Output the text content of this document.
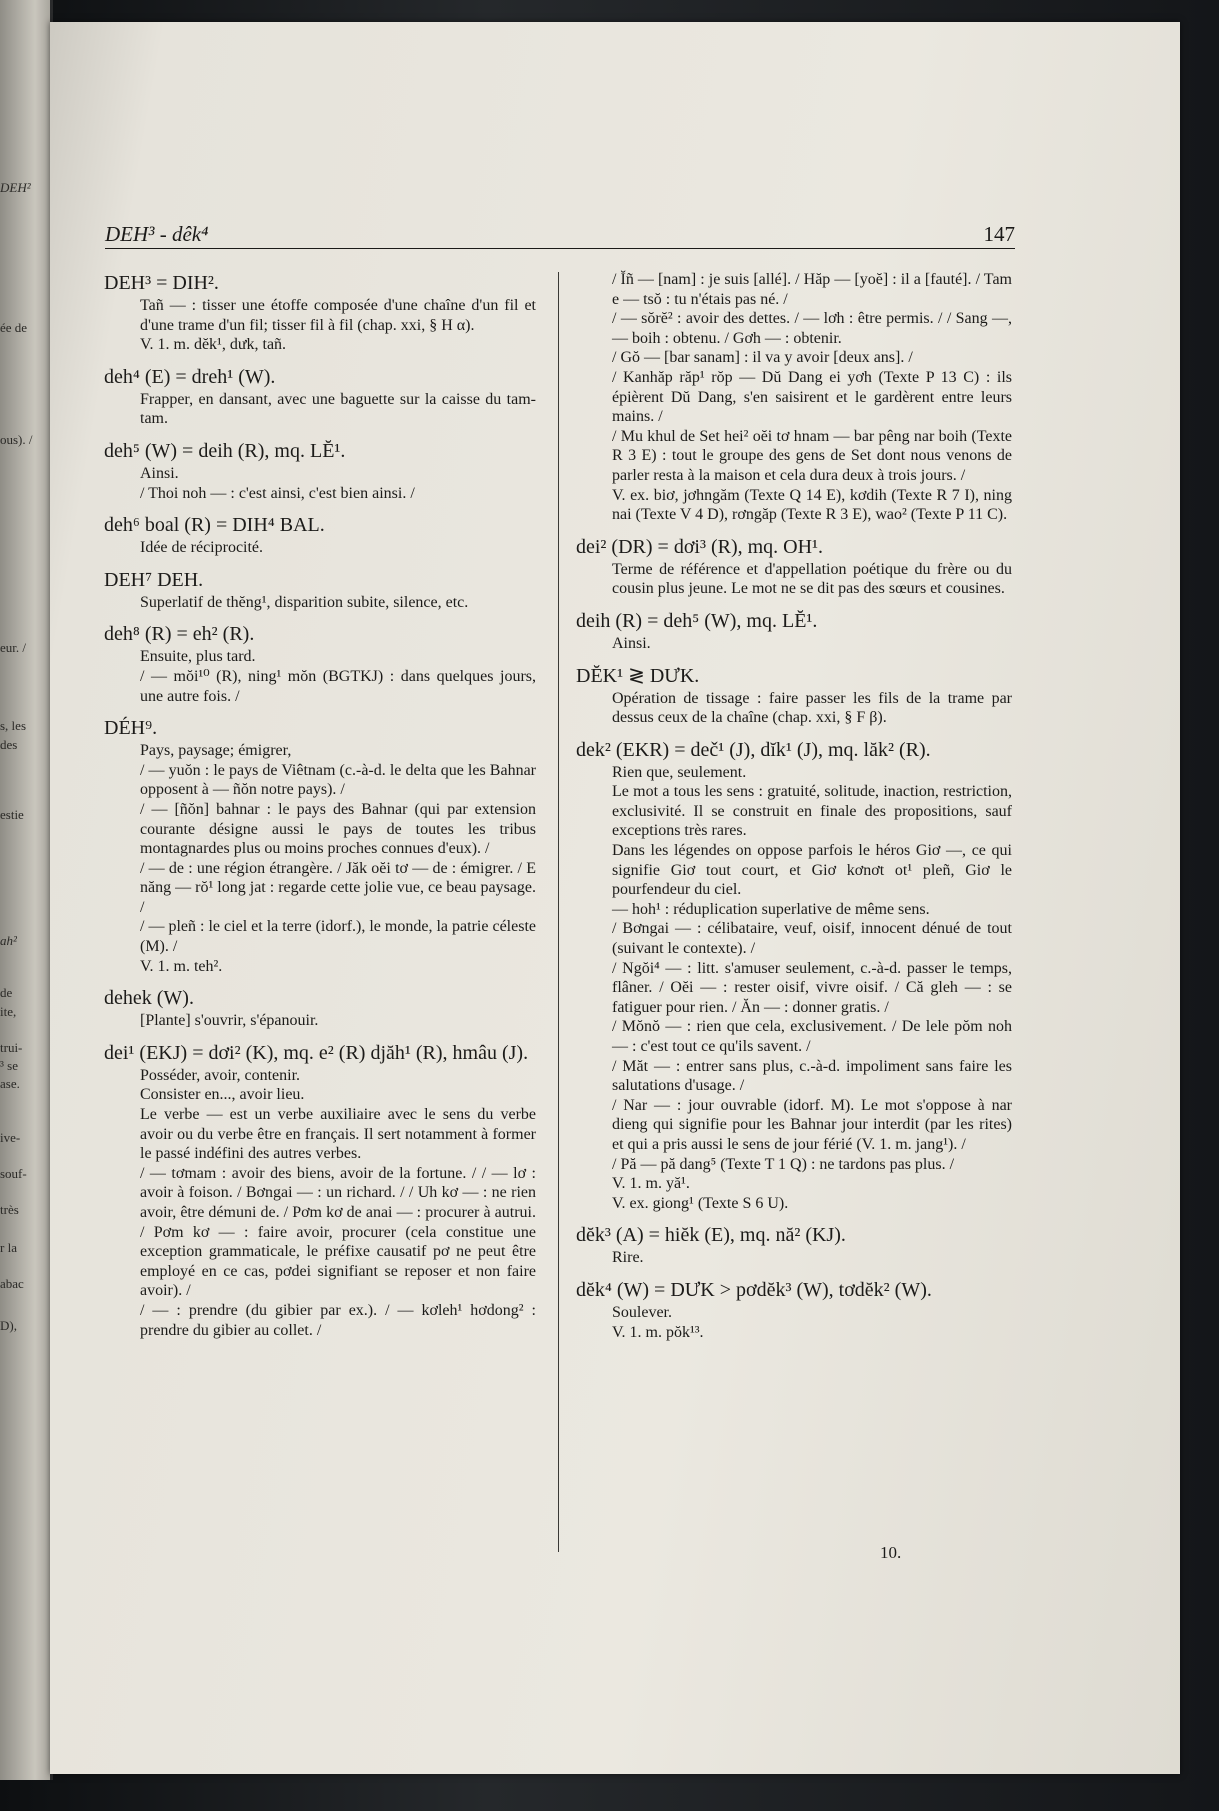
DEH²
ée de
ous). /
eur. /
s, les
des
estie
ah²
de
ite,
trui-
³ se
ase.
ive-
souf-
très
r la
abac
D),
DEH³ - dêk⁴	147
DEH³ = DIH².
Tañ — : tisser une étoffe composée d'une chaîne d'un fil et d'une trame d'un fil; tisser fil à fil (chap. xxi, § H α).
V. 1. m. dĕk¹, dưk, tañ.
deh⁴ (E) = dreh¹ (W).
Frapper, en dansant, avec une baguette sur la caisse du tam-tam.
deh⁵ (W) = deih (R), mq. LĔ¹.
Ainsi.
/ Thoi noh — : c'est ainsi, c'est bien ainsi. /
deh⁶ boal (R) = DIH⁴ BAL.
Idée de réciprocité.
DEH⁷ DEH.
Superlatif de thĕng¹, disparition subite, silence, etc.
deh⁸ (R) = eh² (R).
Ensuite, plus tard.
/ — mŏi¹⁰ (R), ning¹ mŏn (BGTKJ) : dans quelques jours, une autre fois. /
DÉH⁹.
Pays, paysage; émigrer,
/ — yuŏn : le pays de Viêtnam (c.-à-d. le delta que les Bahnar opposent à — ñŏn notre pays). /
/ — [ñŏn] bahnar : le pays des Bahnar (qui par extension courante désigne aussi le pays de toutes les tribus montagnardes plus ou moins proches connues d'eux). /
/ — de : une région étrangère. / Jăk oĕi tơ — de : émigrer. / E năng — rŏ¹ long jat : regarde cette jolie vue, ce beau paysage. /
/ — pleñ : le ciel et la terre (idorf.), le monde, la patrie céleste (M). /
V. 1. m. teh².
dehek (W).
[Plante] s'ouvrir, s'épanouir.
dei¹ (EKJ) = dơi² (K), mq. e² (R) djăh¹ (R), hmâu (J).
Posséder, avoir, contenir.
Consister en..., avoir lieu.
Le verbe — est un verbe auxiliaire avec le sens du verbe avoir ou du verbe être en français. Il sert notamment à former le passé indéfini des autres verbes.
/ — tơmam : avoir des biens, avoir de la fortune. / / — lơ : avoir à foison. / Bơngai — : un richard. / / Uh kơ — : ne rien avoir, être démuni de. / Pơm kơ de anai — : procurer à autrui. / Pơm kơ — : faire avoir, procurer (cela constitue une exception grammaticale, le préfixe causatif pơ ne peut être employé en ce cas, pơdei signifiant se reposer et non faire avoir). /
/ — : prendre (du gibier par ex.). / — kơleh¹ hơdong² : prendre du gibier au collet. /
/ Ĭñ — [nam] : je suis [allé]. / Hăp — [yoĕ] : il a [fauté]. / Tam e — tsŏ : tu n'étais pas né. /
/ — sŏrĕ² : avoir des dettes. / — lơh : être permis. / / Sang —, — boih : obtenu. / Gơh — : obtenir.
/ Gŏ — [bar sanam] : il va y avoir [deux ans]. /
/ Kanhăp răp¹ rŏp — Dŭ Dang ei yơh (Texte P 13 C) : ils épièrent Dŭ Dang, s'en saisirent et le gardèrent entre leurs mains. /
/ Mu khul de Set hei² oĕi tơ hnam — bar pêng nar boih (Texte R 3 E) : tout le groupe des gens de Set dont nous venons de parler resta à la maison et cela dura deux à trois jours. /
V. ex. biơ, jơhngăm (Texte Q 14 E), kơdih (Texte R 7 I), ning nai (Texte V 4 D), rơngăp (Texte R 3 E), wao² (Texte P 11 C).
dei² (DR) = dơi³ (R), mq. OH¹.
Terme de référence et d'appellation poétique du frère ou du cousin plus jeune. Le mot ne se dit pas des sœurs et cousines.
deih (R) = deh⁵ (W), mq. LĔ¹.
Ainsi.
DĔK¹ ≷ DƯK.
Opération de tissage : faire passer les fils de la trame par dessus ceux de la chaîne (chap. xxi, § F β).
dek² (EKR) = deč¹ (J), dĭk¹ (J), mq. lăk² (R).
Rien que, seulement.
Le mot a tous les sens : gratuité, solitude, inaction, restriction, exclusivité. Il se construit en finale des propositions, sauf exceptions très rares.
Dans les légendes on oppose parfois le héros Giơ —, ce qui signifie Giơ tout court, et Giơ kơnơt ot¹ pleñ, Giơ le pourfendeur du ciel.
— hoh¹ : réduplication superlative de même sens.
/ Bơngai — : célibataire, veuf, oisif, innocent dénué de tout (suivant le contexte). /
/ Ngŏi⁴ — : litt. s'amuser seulement, c.-à-d. passer le temps, flâner. / Oĕi — : rester oisif, vivre oisif. / Că gleh — : se fatiguer pour rien. / Ăn — : donner gratis. /
/ Mŏnŏ — : rien que cela, exclusivement. / De lele pŏm noh — : c'est tout ce qu'ils savent. /
/ Măt — : entrer sans plus, c.-à-d. impoliment sans faire les salutations d'usage. /
/ Nar — : jour ouvrable (idorf. M). Le mot s'oppose à nar dieng qui signifie pour les Bahnar jour interdit (par les rites) et qui a pris aussi le sens de jour férié (V. 1. m. jang¹). /
/ Pă — pă dang⁵ (Texte T 1 Q) : ne tardons pas plus. /
V. 1. m. yă¹.
V. ex. giong¹ (Texte S 6 U).
dĕk³ (A) = hiĕk (E), mq. nă² (KJ).
Rire.
dĕk⁴ (W) = DƯK > pơdĕk³ (W), tơdĕk² (W).
Soulever.
V. 1. m. pŏk¹³.
10.
